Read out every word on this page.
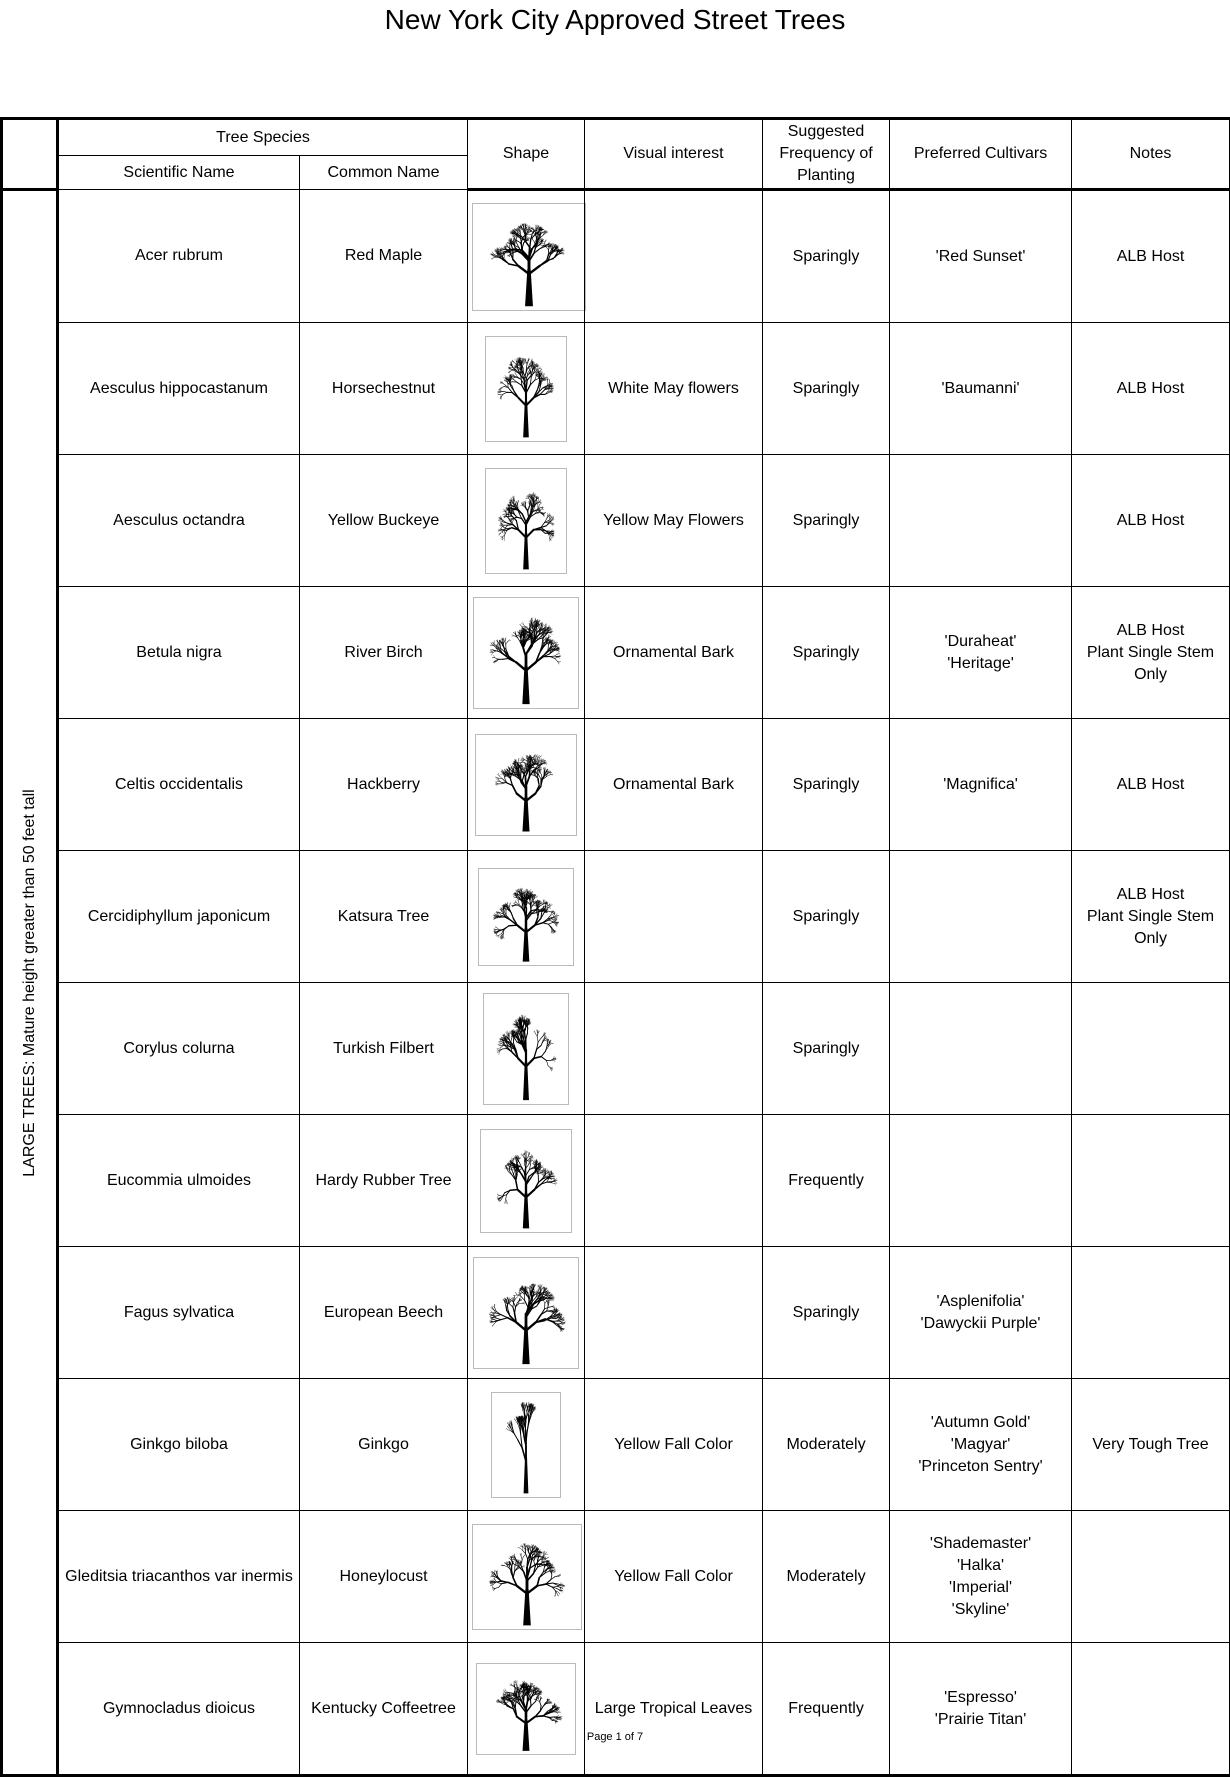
New York City Approved Street Trees
	Tree Species		Shape	Visual interest	Suggested Frequency of Planting	Preferred Cultivars	Notes
	Scientific Name	Common Name					

LARGE TREES: Mature height greater than 50 feet tall	Acer rubrum	Red Maple			Sparingly	'Red Sunset'	ALB Host
	Aesculus hippocastanum	Horsechestnut		White May flowers	Sparingly	'Baumanni'	ALB Host
	Aesculus octandra	Yellow Buckeye		Yellow May Flowers	Sparingly		ALB Host
	Betula nigra	River Birch		Ornamental Bark	Sparingly	'Duraheat'
'Heritage'	ALB Host
Plant Single Stem
Only
	Celtis occidentalis	Hackberry		Ornamental Bark	Sparingly	'Magnifica'	ALB Host
	Cercidiphyllum japonicum	Katsura Tree			Sparingly		ALB Host
Plant Single Stem
Only
	Corylus colurna	Turkish Filbert			Sparingly		
	Eucommia ulmoides	Hardy Rubber Tree			Frequently		
	Fagus sylvatica	European Beech			Sparingly	'Asplenifolia'
'Dawyckii Purple'	
	Ginkgo biloba	Ginkgo		Yellow Fall Color	Moderately	'Autumn Gold'
'Magyar'
'Princeton Sentry'	Very Tough Tree
	Gleditsia triacanthos var inermis	Honeylocust		Yellow Fall Color	Moderately	'Shademaster'
'Halka'
'Imperial'
'Skyline'	
	Gymnocladus dioicus	Kentucky Coffeetree		Large Tropical Leaves	Frequently	'Espresso'
'Prairie Titan'	
Page 1 of 7
